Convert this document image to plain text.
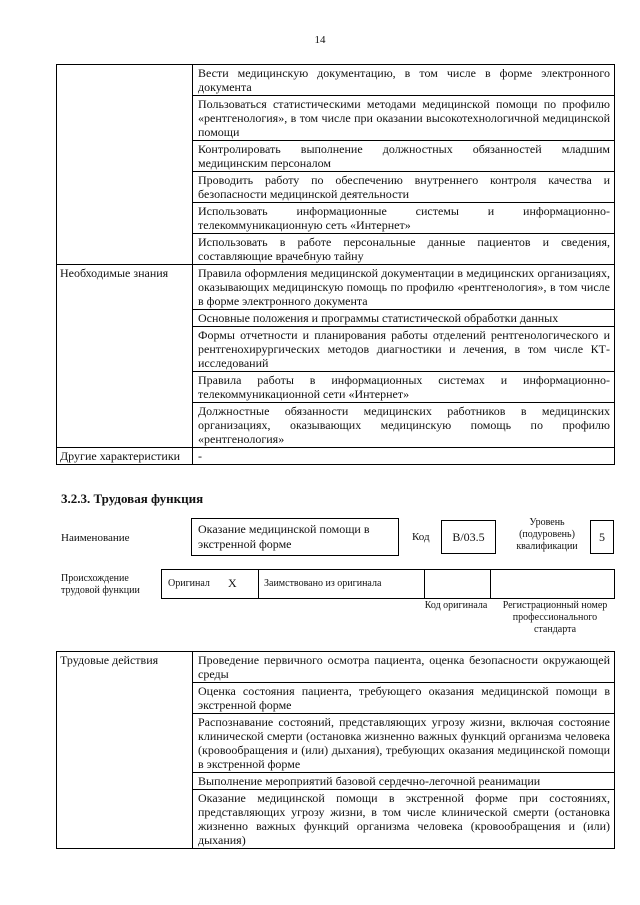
14
	Вести медицинскую документацию, в том числе в форме электронного документа
	Пользоваться статистическими методами медицинской помощи по профилю «рентгенология», в том числе при оказании высокотехнологичной медицинской помощи
	Контролировать выполнение должностных обязанностей младшим медицинским персоналом
	Проводить работу по обеспечению внутреннего контроля качества и безопасности медицинской деятельности
	Использовать информационные системы и информационно-телекоммуникационную сеть «Интернет»
	Использовать в работе персональные данные пациентов и сведения, составляющие врачебную тайну
Необходимые знания	Правила оформления медицинской документации в медицинских организациях, оказывающих медицинскую помощь по профилю «рентгенология», в том числе в форме электронного документа
	Основные положения и программы статистической обработки данных
	Формы отчетности и планирования работы отделений рентгенологического и рентгенохирургических методов диагностики и лечения, в том числе КТ-исследований
	Правила работы в информационных системах и информационно-телекоммуникационной сети «Интернет»
	Должностные обязанности медицинских работников в медицинских организациях, оказывающих медицинскую помощь по профилю «рентгенология»
Другие характеристики	-
3.2.3. Трудовая функция
Наименование
Оказание медицинской помощи в экстренной форме	Код	В/03.5
Уровень (подуровень) квалификации
5
Происхождение трудовой функции
Оригинал X	Заимствовано из оригинала
Код оригинала	Регистрационный номер профессионального стандарта
Трудовые действия	Проведение первичного осмотра пациента, оценка безопасности окружающей среды
Оценка состояния пациента, требующего оказания медицинской помощи в экстренной форме
Распознавание состояний, представляющих угрозу жизни, включая состояние клинической смерти (остановка жизненно важных функций организма человека (кровообращения и (или) дыхания), требующих оказания медицинской помощи в экстренной форме
Выполнение мероприятий базовой сердечно-легочной реанимации
Оказание медицинской помощи в экстренной форме при состояниях, представляющих угрозу жизни, в том числе клинической смерти (остановка жизненно важных функций организма человека (кровообращения и (или) дыхания)
